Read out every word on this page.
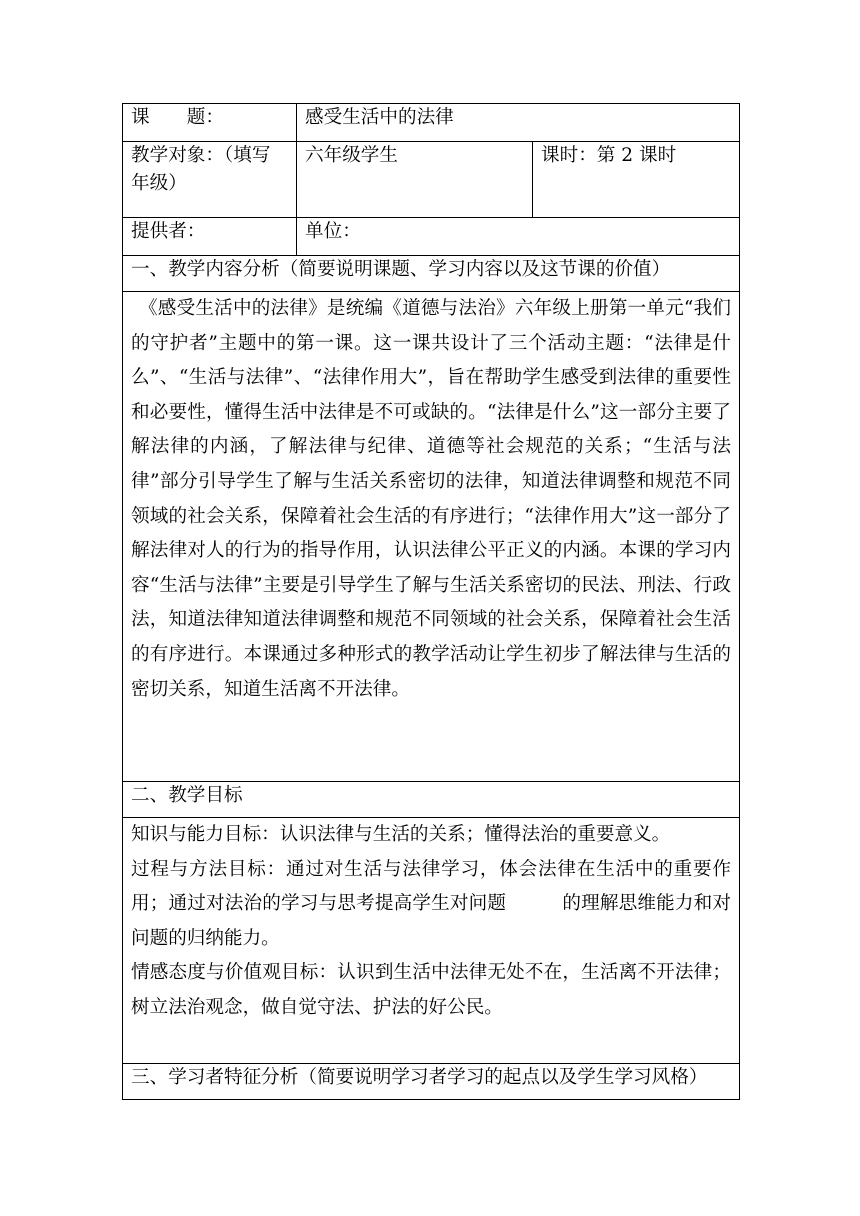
课　　题：	感受生活中的法律	
教学对象：（填写年级）	六年级学生	课时：第 2 课时
提供者：	单位：	
一、教学内容分析（简要说明课题、学习内容以及这节课的价值）		

《感受生活中的法律》是统编《道德与法治》六年级上册第一单元“我们的守护者”主题中的第一课。这一课共设计了三个活动主题：“法律是什么”、“生活与法律”、“法律作用大”，旨在帮助学生感受到法律的重要性和必要性，懂得生活中法律是不可或缺的。“法律是什么”这一部分主要了解法律的内涵，了解法律与纪律、道德等社会规范的关系；“生活与法律”部分引导学生了解与生活关系密切的法律，知道法律调整和规范不同领域的社会关系，保障着社会生活的有序进行；“法律作用大”这一部分了解法律对人的行为的指导作用，认识法律公平正义的内涵。本课的学习内容“生活与法律”主要是引导学生了解与生活关系密切的民法、刑法、行政法，知道法律知道法律调整和规范不同领域的社会关系，保障着社会生活的有序进行。本课通过多种形式的教学活动让学生初步了解法律与生活的密切关系，知道生活离不开法律。		

二、教学目标		

知识与能力目标：认识法律与生活的关系；懂得法治的重要意义。

过程与方法目标：通过对生活与法律学习，体会法律在生活中的重要作用；通过对法治的学习与思考提高学生对问题　　　的理解思维能力和对问题的归纳能力。

情感态度与价值观目标：认识到生活中法律无处不在，生活离不开法律；树立法治观念，做自觉守法、护法的好公民。		

三、学习者特征分析（简要说明学习者学习的起点以及学生学习风格）		
